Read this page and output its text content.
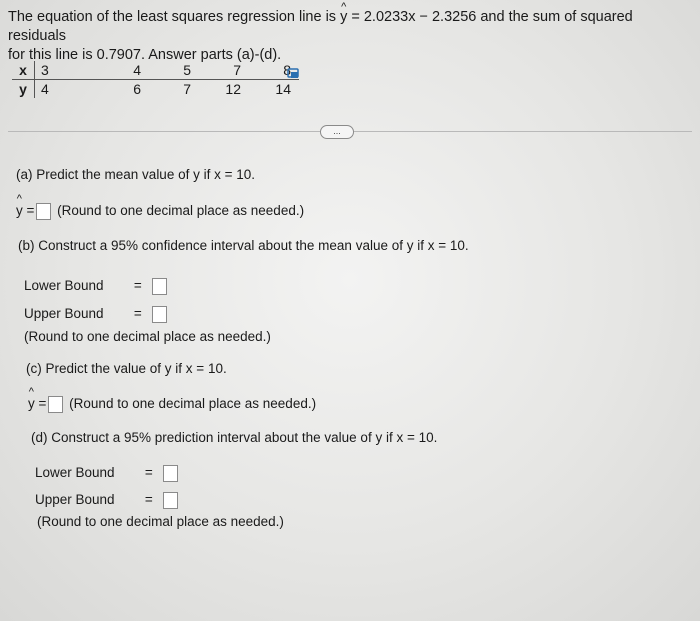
The equation of the least squares regression line is ^ y = 2.0233x − 2.3256 and the sum of squared residuals
for this line is 0.7907. Answer parts (a)-(d).
x	3	4	5	7	8
y	4	6	7	12	14
...
(a) Predict the mean value of y if x = 10.
^ y = (Round to one decimal place as needed.)
(b) Construct a 95% confidence interval about the mean value of y if x = 10.
Lower Bound =
Upper Bound =
(Round to one decimal place as needed.)
(c) Predict the value of y if x = 10.
^ y = (Round to one decimal place as needed.)
(d) Construct a 95% prediction interval about the value of y if x = 10.
Lower Bound =
Upper Bound =
(Round to one decimal place as needed.)
